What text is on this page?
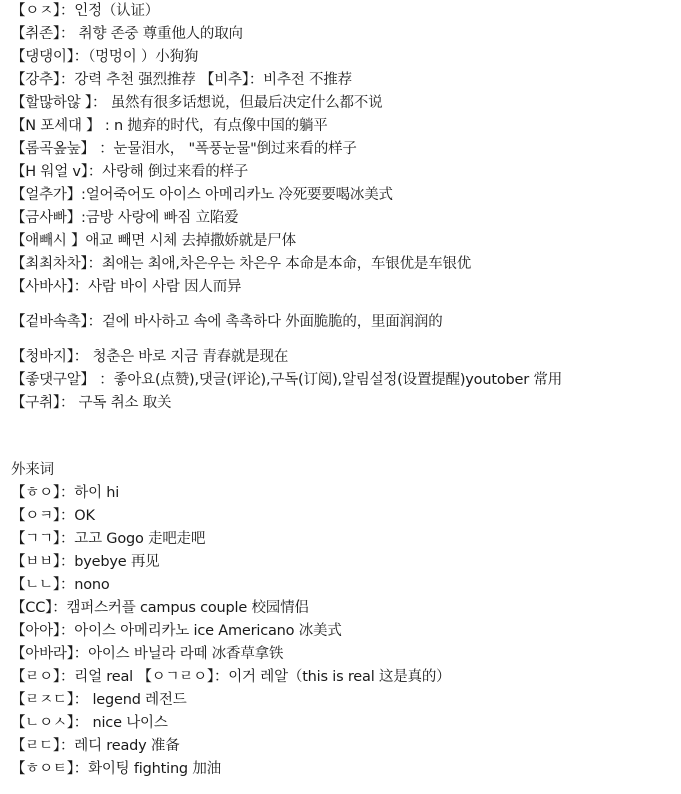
【ㅇㅈ】：인정（认证）
【취존】： 취향 존중 尊重他人的取向
【댕댕이】：（멍멍이 ）小狗狗
【강추】：강력 추천 强烈推荐 【비추】：비추전 不推荐
【할많하않 】： 虽然有很多话想说，但最后决定什么都不说
【N 포세대 】 : n 抛弃的时代，有点像中国的躺平
【롬곡옾눞】 ：눈물泪水， "폭풍눈물"倒过来看的样子
【H 워얼 v】：사랑해 倒过来看的样子
【얼추가】:얼어죽어도 아이스 아메리카노 冷死要要喝冰美式
【금사빠】:금방 사랑에 빠짐 立陷爱
【애빼시 】애교 빼면 시체 去掉撒娇就是尸体
【최최차차】：최애는 최애,차은우는 차은우 本命是本命，车银优是车银优
【사바사】：사람 바이 사람 因人而异
【겉바속촉】：겉에 바사하고 속에 촉촉하다 外面脆脆的，里面润润的
【청바지】： 청춘은 바로 지금 青春就是现在
【좋댓구알】 ：좋아요(点赞),댓글(评论),구독(订阅),알림설정(设置提醒)youtober 常用
【구취】： 구독 취소 取关
外来词
【ㅎㅇ】：하이 hi
【ㅇㅋ】：OK
【ㄱㄱ】：고고 Gogo 走吧走吧
【ㅂㅂ】：byebye 再见
【ㄴㄴ】：nono
【CC】：캠퍼스커플 campus couple 校园情侣
【아아】：아이스 아메리카노 ice Americano 冰美式
【아바라】：아이스 바닐라 라떼 冰香草拿铁
【ㄹㅇ】：리얼 real 【ㅇㄱㄹㅇ】：이거 레알（this is real 这是真的）
【ㄹㅈㄷ】： legend 레전드
【ㄴㅇㅅ】： nice 나이스
【ㄹㄷ】：레디 ready 准备
【ㅎㅇㅌ】：화이팅 fighting 加油
